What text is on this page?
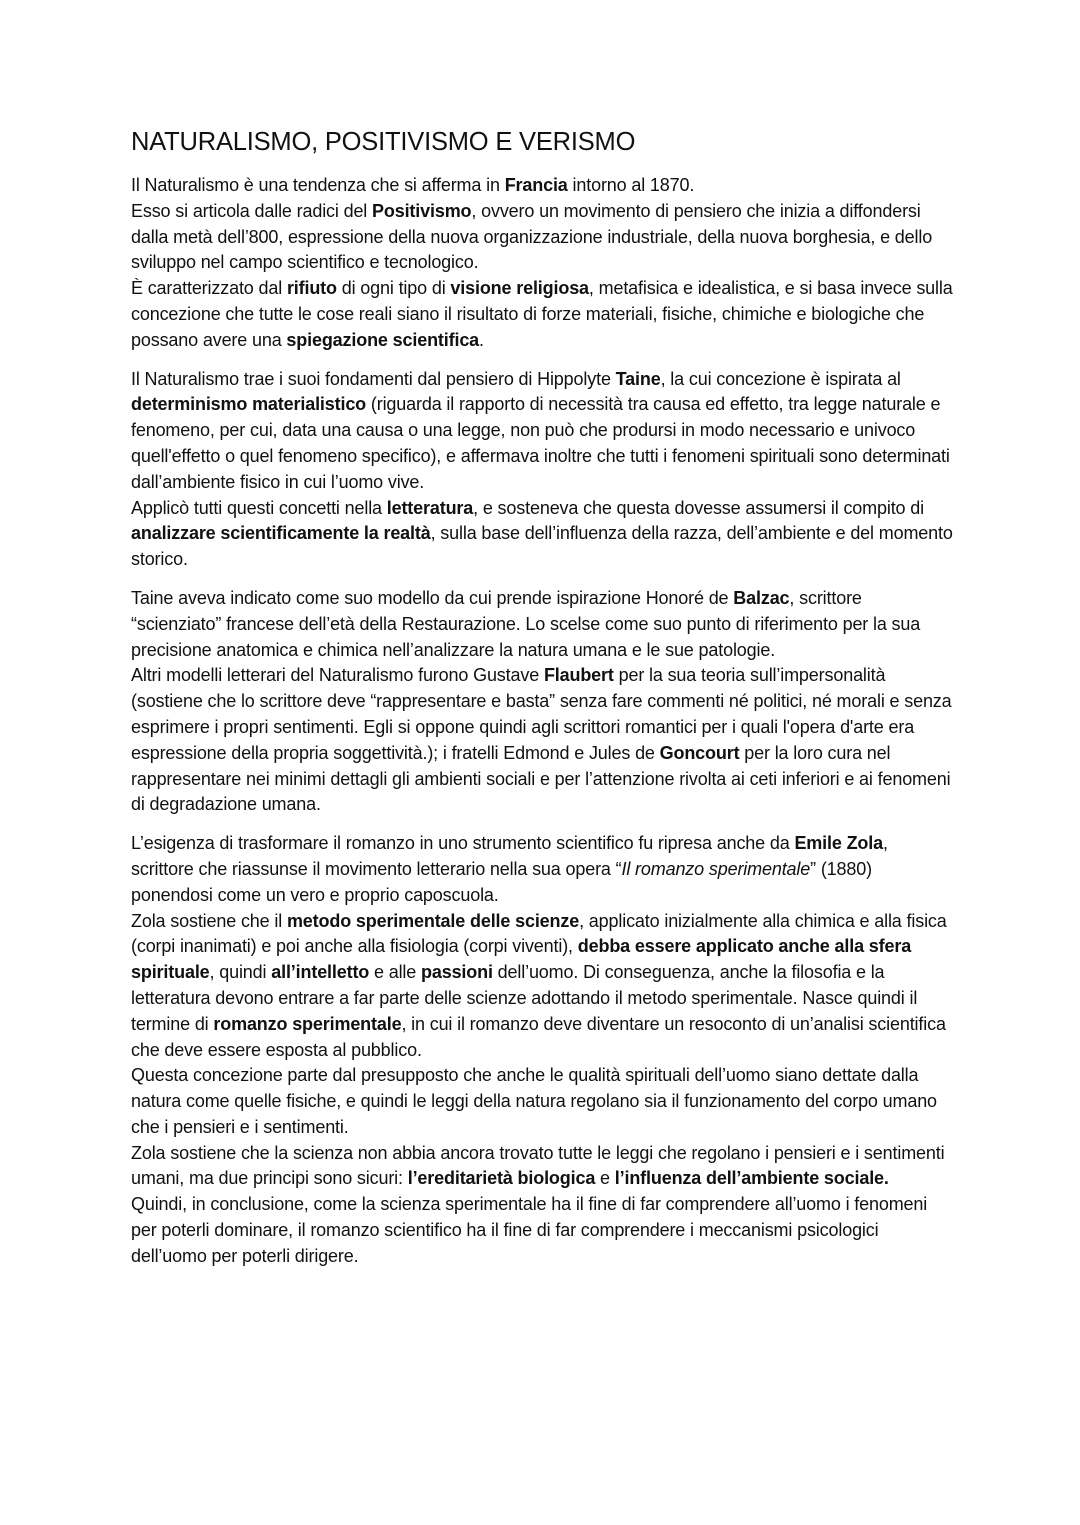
NATURALISMO, POSITIVISMO E VERISMO

Il Naturalismo è una tendenza che si afferma in Francia intorno al 1870.
Esso si articola dalle radici del Positivismo, ovvero un movimento di pensiero che inizia a diffondersi dalla metà dell’800, espressione della nuova organizzazione industriale, della nuova borghesia, e dello sviluppo nel campo scientifico e tecnologico.
È caratterizzato dal rifiuto di ogni tipo di visione religiosa, metafisica e idealistica, e si basa invece sulla concezione che tutte le cose reali siano il risultato di forze materiali, fisiche, chimiche e biologiche che possano avere una spiegazione scientifica.

Il Naturalismo trae i suoi fondamenti dal pensiero di Hippolyte Taine, la cui concezione è ispirata al determinismo materialistico (riguarda il rapporto di necessità tra causa ed effetto, tra legge naturale e fenomeno, per cui, data una causa o una legge, non può che prodursi in modo necessario e univoco quell'effetto o quel fenomeno specifico), e affermava inoltre che tutti i fenomeni spirituali sono determinati dall’ambiente fisico in cui l’uomo vive.
Applicò tutti questi concetti nella letteratura, e sosteneva che questa dovesse assumersi il compito di analizzare scientificamente la realtà, sulla base dell’influenza della razza, dell’ambiente e del momento storico.

Taine aveva indicato come suo modello da cui prende ispirazione Honoré de Balzac, scrittore “scienziato” francese dell’età della Restaurazione. Lo scelse come suo punto di riferimento per la sua precisione anatomica e chimica nell’analizzare la natura umana e le sue patologie.
Altri modelli letterari del Naturalismo furono Gustave Flaubert per la sua teoria sull’impersonalità (sostiene che lo scrittore deve “rappresentare e basta” senza fare commenti né politici, né morali e senza esprimere i propri sentimenti. Egli si oppone quindi agli scrittori romantici per i quali l'opera d'arte era espressione della propria soggettività.); i fratelli Edmond e Jules de Goncourt per la loro cura nel rappresentare nei minimi dettagli gli ambienti sociali e per l’attenzione rivolta ai ceti inferiori e ai fenomeni di degradazione umana.

L’esigenza di trasformare il romanzo in uno strumento scientifico fu ripresa anche da Emile Zola, scrittore che riassunse il movimento letterario nella sua opera “Il romanzo sperimentale” (1880) ponendosi come un vero e proprio caposcuola.
Zola sostiene che il metodo sperimentale delle scienze, applicato inizialmente alla chimica e alla fisica (corpi inanimati) e poi anche alla fisiologia (corpi viventi), debba essere applicato anche alla sfera spirituale, quindi all’intelletto e alle passioni dell’uomo. Di conseguenza, anche la filosofia e la letteratura devono entrare a far parte delle scienze adottando il metodo sperimentale. Nasce quindi il termine di romanzo sperimentale, in cui il romanzo deve diventare un resoconto di un’analisi scientifica che deve essere esposta al pubblico.
Questa concezione parte dal presupposto che anche le qualità spirituali dell’uomo siano dettate dalla natura come quelle fisiche, e quindi le leggi della natura regolano sia il funzionamento del corpo umano che i pensieri e i sentimenti.
Zola sostiene che la scienza non abbia ancora trovato tutte le leggi che regolano i pensieri e i sentimenti umani, ma due principi sono sicuri: l’ereditarietà biologica e l’influenza dell’ambiente sociale.
Quindi, in conclusione, come la scienza sperimentale ha il fine di far comprendere all’uomo i fenomeni per poterli dominare, il romanzo scientifico ha il fine di far comprendere i meccanismi psicologici dell’uomo per poterli dirigere.
